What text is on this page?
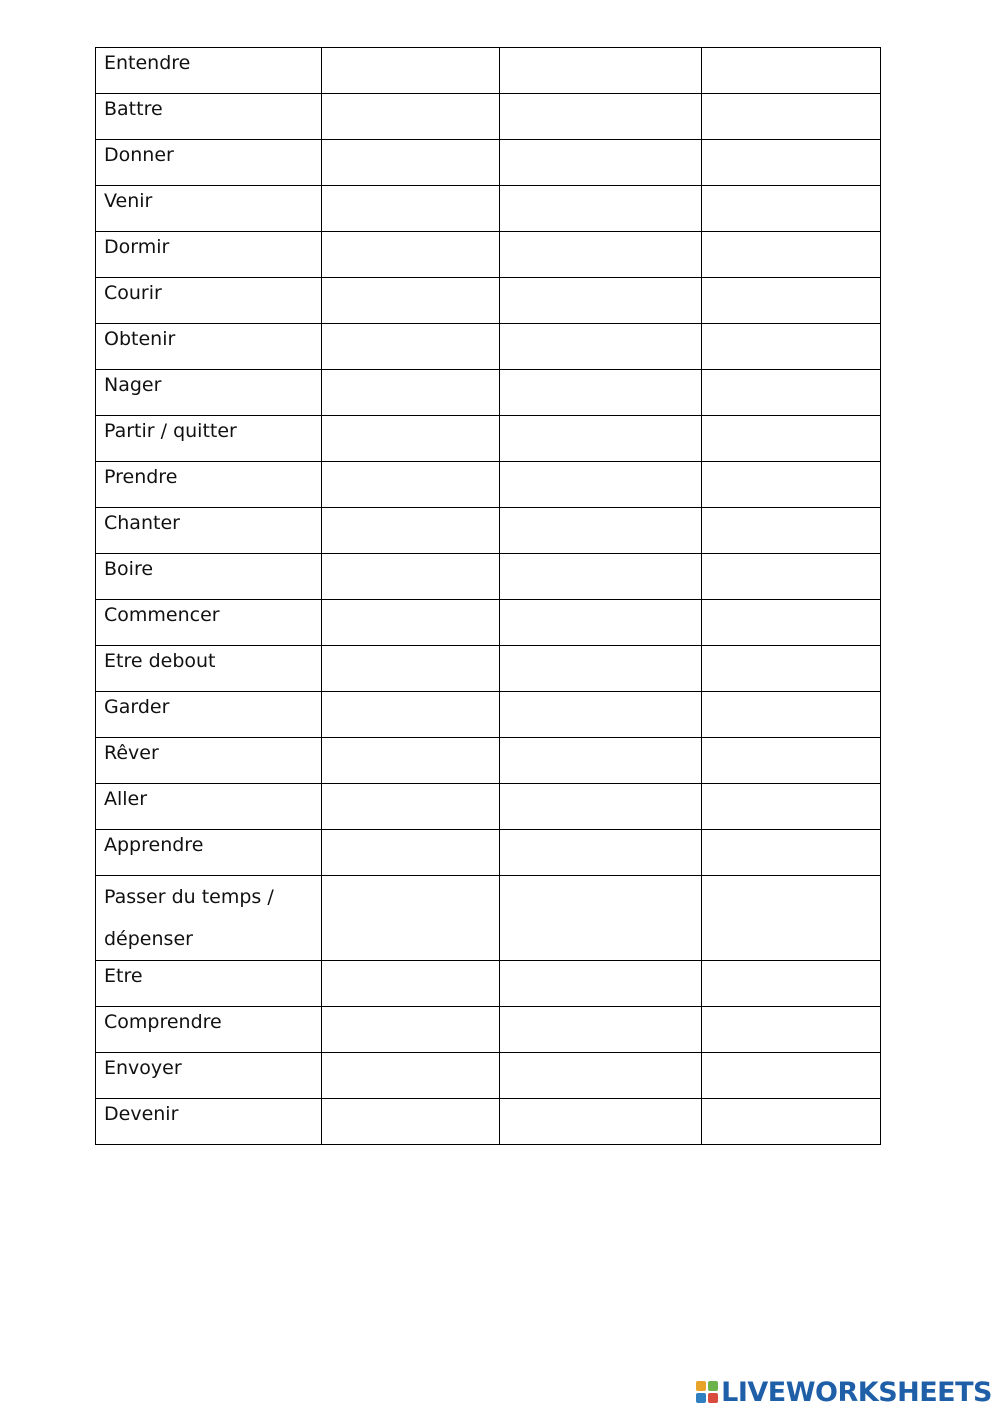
Entendre			
Battre			
Donner			
Venir			
Dormir			
Courir			
Obtenir			
Nager			
Partir / quitter			
Prendre			
Chanter			
Boire			
Commencer			
Etre debout			
Garder			
Rêver			
Aller			
Apprendre			
Passer du temps /
dépenser			
Etre			
Comprendre			
Envoyer			
Devenir			
LIVEWORKSHEETS
